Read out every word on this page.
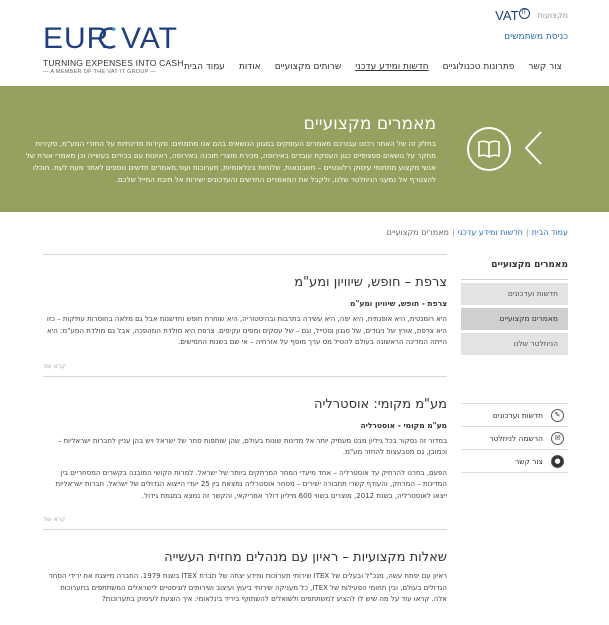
EUR VAT
TURNING EXPENSES INTO CASH
— A MEMBER OF THE VAT IT GROUP —
מקצועות
VAT IT
כניסת משתמשים
עמוד הבית	אודות	שרותים מקצועיים	חדשות ומידע עדכני	פתרונות טכנולוגיים	צור קשר
מאמרים מקצועיים
בחלק זה של האתר רכזנו עבורכם מאמרים העוסקים במגוון הנושאים בהם אנו מתמחים: סקירות מדינתיות על החזרי המע"מ, סקירות מחקר על נושאים ספציפיים כגון העסקת עובדים באירופה, מכירת מוצרי תוכנה באירופה, ראיונות עם בכירים בעשייה וכן מאמרי אורח של אנשי מקצוע מתחומי עיסוק רלוונטיים – חשבונאות, שלוחות בינלאומיות, תערוכות ועוד.מאמרים חדשים נוספים לאתר מעת לעת. תוכלו להצטרף אל נמעני הניוזלטר שלנו, ולקבל את המאמרים החדשים והעדכונים ישירות אל תיבת המייל שלכם.
עמוד הבית|חדשות ומידע עדכני|מאמרים מקצועיים
מאמרים מקצועיים
חדשות ועדכונים
מאמרים מקצועיים
הניוזלטר שלנו
✎
חדשות ועדכונים
✉
הרשמה לניוזלטר
●
צור קשר
צרפת – חופש, שיוויון ומע"מ
צרפת - חופש, שיוויון ומע"מ

היא רומנטית, היא אופנתית, היא יפה, היא עשירה בתרבות ובהיסטוריה, היא שוחרת חופש וחדשנות אבל גם מלאה בחוסרות עתיקות – כזו היא צרפת, אורץ של ניגודים, של סגנון וסטייל, וגם – של עסקים ומסים עקיפים. צרפת היא מולדת המהפכה, אבל גם מולדת המע"מ: היא הייתה המדינה הראשונה בעולם להטיל מס ערך מוסף על אזרחיה – אי שם בשנות החמישים.

קרא עוד
מע"מ מקומי: אוסטרליה
מע"מ מקומי - אוסטרליה

במדור זה נסקור בכל גיליון מבט מעמיק יותר אל מדינות שונות בעולם, שהן שותפות סחר של ישראל ויש בהן עניין לחברות ישראליות – וכמובן, גם מטבעצות להחזר מע"מ.

הפעם, בחרנו להרחיק עד אוסטרליה – אחד מיעדי הסחר המרתקים ביותר של ישראל. למרות הקושי המובנה בקשרים המסחריים בין המדינות – המרחק, והעודף קשרי תחבורה ישירים – מסחר אוסטרליה נמצאת בין 25 יעדי הייצוא הגדולים של ישראל. חברות ישראליות ייצאו לאוסטרליה, בשנת 2012, מוצרים בשווי 600 מיליון דולר אמריקאי, והקשר זה נמצא במגמת גידול.

קרא עוד
שאלות מקצועיות – ראיון עם מנהלים מחזית העשייה

ראיון עם יפתח עשה, מנכ"ל ובעלים של ITEX שירותי תערוכות ומידע יצחה של חברת ITEX בשנת 1979. החברה מייצגת את ירידי הסחר הגדולים בעולם, ובין תחומי הפעילות של ITEX, כל מעניקה שירותי ביעוץ ועיצוב ושירותים לוגיסטיים לישראלים המשתתפים בתערוכות אלה. קראו עוד על מה שיש לו להציע למשתתפים ולשואלים להשתתף ביריד בינלאומי: איך הוצעת לעיסוק בתערוכות?
